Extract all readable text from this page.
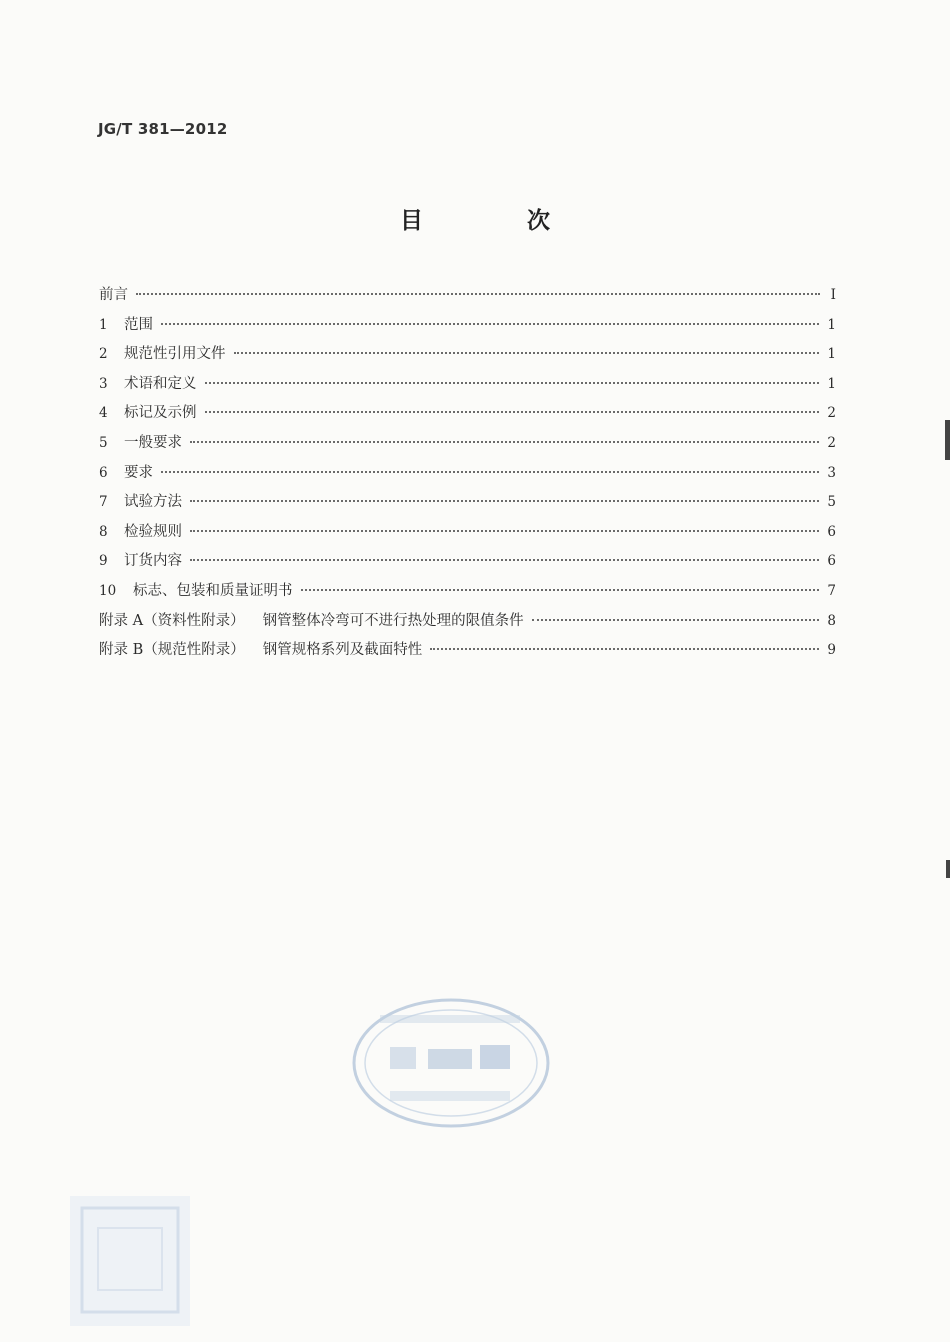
JG/T 381—2012
目 次
前言	Ⅰ
1	范围	1
2	规范性引用文件	1
3	术语和定义	1
4	标记及示例	2
5	一般要求	2
6	要求	3
7	试验方法	5
8	检验规则	6
9	订货内容	6
10	标志、包装和质量证明书	7
附录 A（资料性附录） 钢管整体冷弯可不进行热处理的限值条件	8
附录 B（规范性附录） 钢管规格系列及截面特性	9
